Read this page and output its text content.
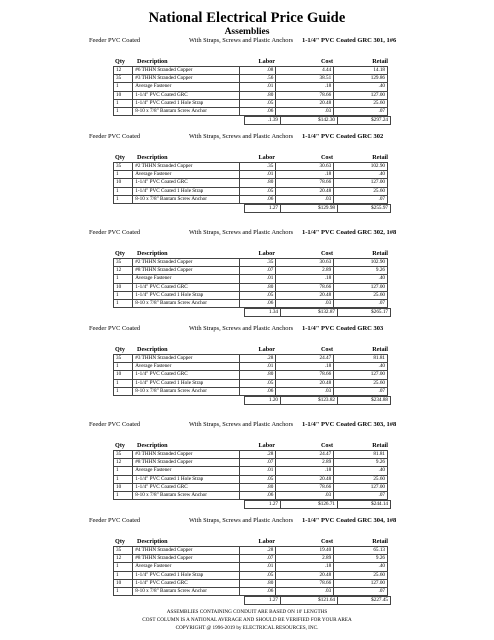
National Electrical Price Guide
Assemblies
Feeder PVC Coated	With Straps, Screws and Plastic Anchors	1-1/4" PVC Coated GRC 301, 1#6
Qty Description	Labor	Cost	Retail
12	#6 THHN Stranded Copper	.08	4.44	14.18
35	#3 THHN Stranded Copper	.56	38.51	129.86
1	Average Fastener	.01	.18	.40
10	1-1/4" PVC Coated GRC	.80	78.66	127.00
1	1-1/4" PVC Coated 1 Hole Strap	.05	20.48	25.60
1	8-10 x 7/8" Bantam Screw Anchor	.06	.03	.07
.1.39	$142.30	$297.24
Feeder PVC Coated	With Straps, Screws and Plastic Anchors	1-1/4" PVC Coated GRC 302
Qty Description	Labor	Cost	Retail
35	#2 THHN Stranded Copper	.35	30.63	102.90
1	Average Fastener	.01	.18	.40
10	1-1/4" PVC Coated GRC	.80	78.66	127.00
1	1-1/4" PVC Coated 1 Hole Strap	.05	20.48	25.60
1	8-10 x 7/8" Bantam Screw Anchor	.06	.03	.07
1.27	$129.98	$255.97
Feeder PVC Coated	With Straps, Screws and Plastic Anchors	1-1/4" PVC Coated GRC 302, 1#8
Qty Description	Labor	Cost	Retail
35	#2 THHN Stranded Copper	.35	30.63	102.90
12	#8 THHN Stranded Copper	.07	2.89	9.26
1	Average Fastener	.01	.18	.40
10	1-1/4" PVC Coated GRC	.80	78.66	127.00
1	1-1/4" PVC Coated 1 Hole Strap	.05	20.48	25.60
1	8-10 x 7/8" Bantam Screw Anchor	.06	.03	.07
1.34	$132.87	$265.17
Feeder PVC Coated	With Straps, Screws and Plastic Anchors	1-1/4" PVC Coated GRC 303
Qty Description	Labor	Cost	Retail
35	#3 THHN Stranded Copper	.28	24.47	81.81
1	Average Fastener	.01	.18	.40
10	1-1/4" PVC Coated GRC	.80	78.66	127.00
1	1-1/4" PVC Coated 1 Hole Strap	.05	20.48	25.60
1	8-10 x 7/8" Bantam Screw Anchor	.06	.03	.07
1.20	$123.82	$234.88
Feeder PVC Coated	With Straps, Screws and Plastic Anchors	1-1/4" PVC Coated GRC 303, 1#8
Qty Description	Labor	Cost	Retail
35	#3 THHN Stranded Copper	.28	24.47	81.81
12	#8 THHN Stranded Copper	.07	2.89	9.26
1	Average Fastener	.01	.18	.40
1	1-1/4" PVC Coated 1 Hole Strap	.05	20.48	25.60
10	1-1/4" PVC Coated GRC	.80	78.66	127.00
1	8-10 x 7/8" Bantam Screw Anchor	.06	.03	.07
1.27	$126.71	$244.14
Feeder PVC Coated	With Straps, Screws and Plastic Anchors	1-1/4" PVC Coated GRC 304, 1#8
Qty Description	Labor	Cost	Retail
35	#4 THHN Stranded Copper	.28	19.40	65.13
12	#8 THHN Stranded Copper	.07	2.89	9.26
1	Average Fastener	.01	.18	.40
1	1-1/4" PVC Coated 1 Hole Strap	.05	20.48	25.60
10	1-1/4" PVC Coated GRC	.80	78.66	127.00
1	8-10 x 7/8" Bantam Screw Anchor	.06	.03	.07
1.27	$121.64	$227.45
ASSEMBLIES CONTAINING CONDUIT ARE BASED ON 10' LENGTHS
COST COLUMN IS A NATIONAL AVERAGE AND SHOULD BE VERIFIED FOR YOUR AREA
COPYRIGHT @ 1996-2019 by ELECTRICAL RESOURCES, INC.
